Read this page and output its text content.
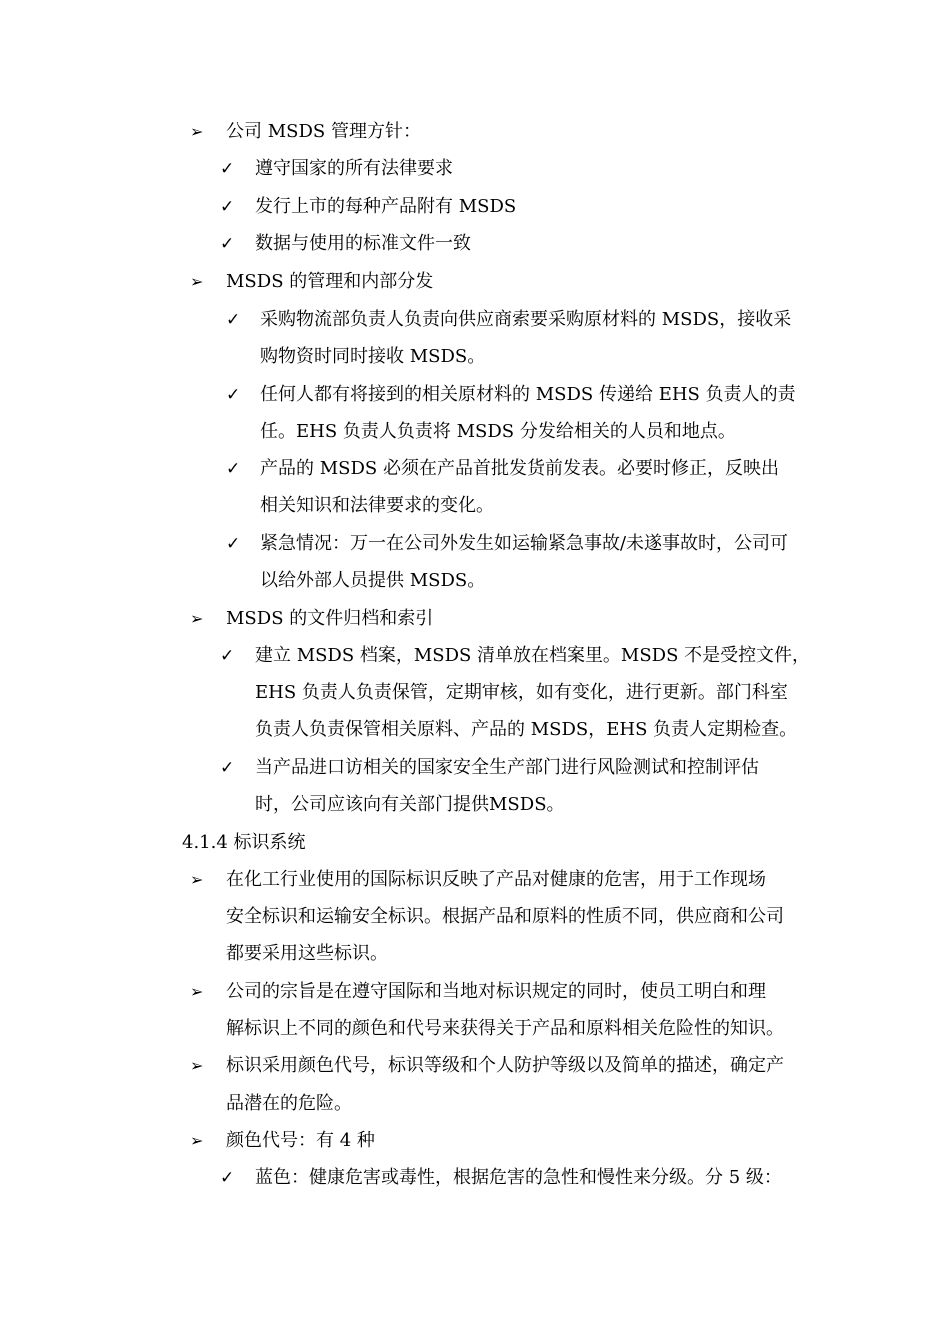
➢ 公司 MSDS 管理方针：
✓ 遵守国家的所有法律要求
✓ 发行上市的每种产品附有 MSDS
✓ 数据与使用的标准文件一致
➢ MSDS 的管理和内部分发
✓ 采购物流部负责人负责向供应商索要采购原材料的 MSDS，接收采
购物资时同时接收 MSDS。
✓ 任何人都有将接到的相关原材料的 MSDS 传递给 EHS 负责人的责
任。EHS 负责人负责将 MSDS 分发给相关的人员和地点。
✓ 产品的 MSDS 必须在产品首批发货前发表。必要时修正，反映出
相关知识和法律要求的变化。
✓ 紧急情况：万一在公司外发生如运输紧急事故/未遂事故时，公司可
以给外部人员提供 MSDS。
➢ MSDS 的文件归档和索引
✓ 建立 MSDS 档案，MSDS 清单放在档案里。MSDS 不是受控文件，
EHS 负责人负责保管，定期审核，如有变化，进行更新。部门科室
负责人负责保管相关原料、产品的 MSDS，EHS 负责人定期检查。
✓ 当产品进口访相关的国家安全生产部门进行风险测试和控制评估
时，公司应该向有关部门提供MSDS。
4.1.4 标识系统
➢ 在化工行业使用的国际标识反映了产品对健康的危害，用于工作现场
安全标识和运输安全标识。根据产品和原料的性质不同，供应商和公司
都要采用这些标识。
➢ 公司的宗旨是在遵守国际和当地对标识规定的同时，使员工明白和理
解标识上不同的颜色和代号来获得关于产品和原料相关危险性的知识。
➢ 标识采用颜色代号，标识等级和个人防护等级以及简单的描述，确定产
品潜在的危险。
➢ 颜色代号：有 4 种
✓ 蓝色：健康危害或毒性，根据危害的急性和慢性来分级。分 5 级：
